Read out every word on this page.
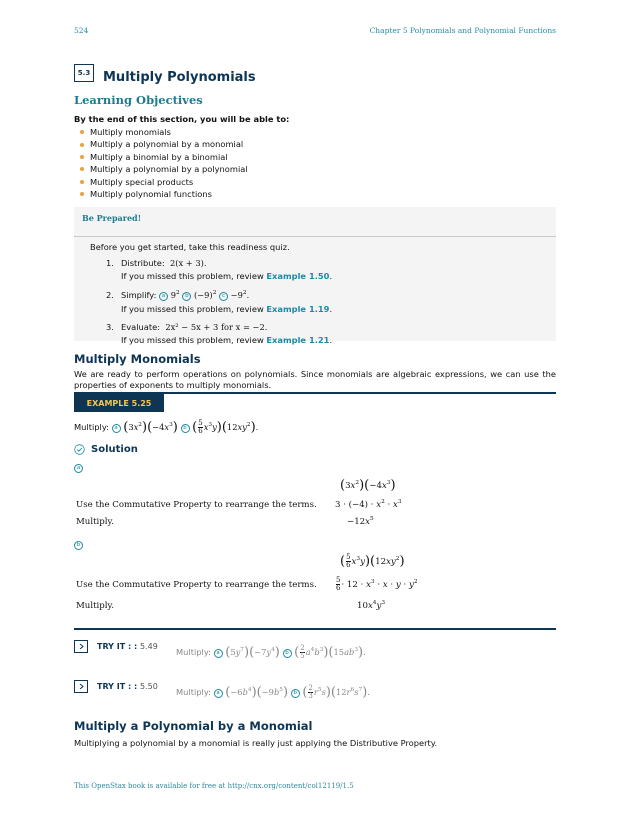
524	Chapter 5 Polynomials and Polynomial Functions
5.3 Multiply Polynomials
Learning Objectives
By the end of this section, you will be able to:
Multiply monomials
Multiply a polynomial by a monomial
Multiply a binomial by a binomial
Multiply a polynomial by a polynomial
Multiply special products
Multiply polynomial functions
Be Prepared!
Before you get started, take this readiness quiz.
1. Distribute: 2(x + 3).
If you missed this problem, review Example 1.50.
2. Simplify: a $9^2$ b $(-9)^2$ $c -9^2$.
If you missed this problem, review Example 1.19.
3. Evaluate: 2x² − 5x + 3 for x = −2.
If you missed this problem, review Example 1.21.
Multiply Monomials
We are ready to perform operations on polynomials. Since monomials are algebraic expressions, we can use the properties of exponents to multiply monomials.
EXAMPLE 5.25
Multiply: a $(3x^2)(-4x^3)$ b ( $\frac{5}{6} x^3y)(12xy^2)$.
Solution
a
$(3x^2)(-4x^3)$
Use the Commutative Property to rearrange the terms. $3 \cdot (-4) \cdot x^2 \cdot x^3$
Multiply.	$-12x^5$
b
( $\frac{5}{6} x^3y)(12xy^2)$
Use the Commutative Property to rearrange the terms.	$\frac{5}{6} \cdot 12 \cdot x^3 \cdot x \cdot y \cdot y^2$
Multiply.	$10x^4y^3$
TRY IT : : 5.49
Multiply: a $(5y^7)(-7y^4)$ b ( $\frac{2}{5} a^4b^3)(15ab^3)$.
TRY IT : : 5.50
Multiply: a $(-6b^4)(-9b^5)$ b ( $\frac{2}{3} r^5s)(12r^6s^7)$.
Multiply a Polynomial by a Monomial
Multiplying a polynomial by a monomial is really just applying the Distributive Property.
This OpenStax book is available for free at http://cnx.org/content/col12119/1.5
